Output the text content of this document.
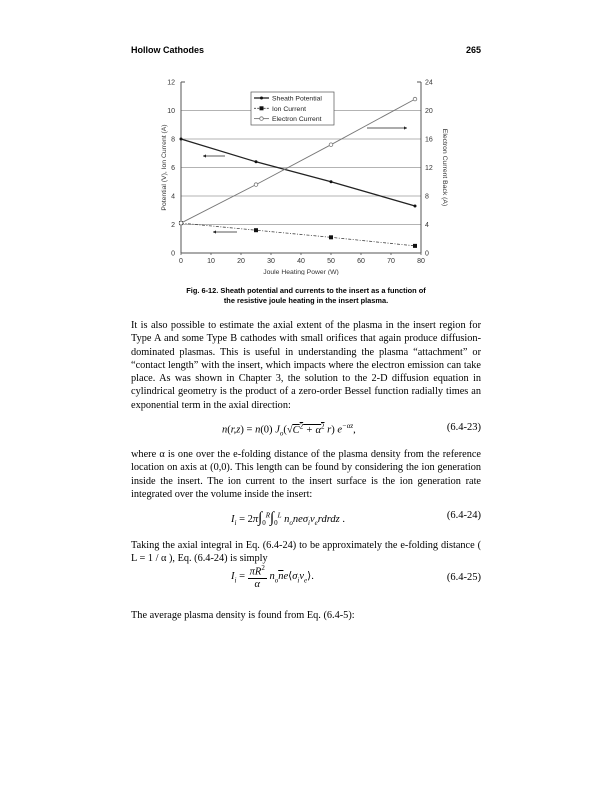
Hollow Cathodes	265
0
2
4
6
8
10
12
0
4
8
12
16
20
24
0	10	20	30	40	50	60	70	80
Joule Heating Power (W)
Potential (V), Ion Current (A)	Electron Current Back (A)
Sheath Potential
Ion Current
Electron Current
Fig. 6-12. Sheath potential and currents to the insert as a function of
the resistive joule heating in the insert plasma.
It is also possible to estimate the axial extent of the plasma in the insert region for Type A and some Type B cathodes with small orifices that again produce diffusion-dominated plasmas. This is useful in understanding the plasma “attachment” or “contact length” with the insert, which impacts where the electron emission can take place. As was shown in Chapter 3, the solution to the 2-D diffusion equation in cylindrical geometry is the product of a zero-order Bessel function radially times an exponential term in the axial direction:
n(r,z) = n(0) $J_o(√C^2 + \alpha^2$ r) $e^{-\alpha z}$,	(6.4-23)
where α is one over the e-folding distance of the plasma density from the reference location on axis at (0,0). This length can be found by considering the ion generation inside the insert. The ion current to the insert surface is the ion generation rate integrated over the volume inside the insert:
$I_i = 2\pi\int_0^R\int_0^L$ $n_one\sigma_iv_erdrdz$ .	(6.4-24)
Taking the axial integral in Eq. (6.4-24) to be approximately the e-folding distance ( L = 1 / α ), Eq. (6.4-24) is simply
$I_i = \frac{\pi R^2}{\alpha}$ $n_o\overline{n}e⟨\sigma_iv_e⟩$.	(6.4-25)
The average plasma density is found from Eq. (6.4-5):
